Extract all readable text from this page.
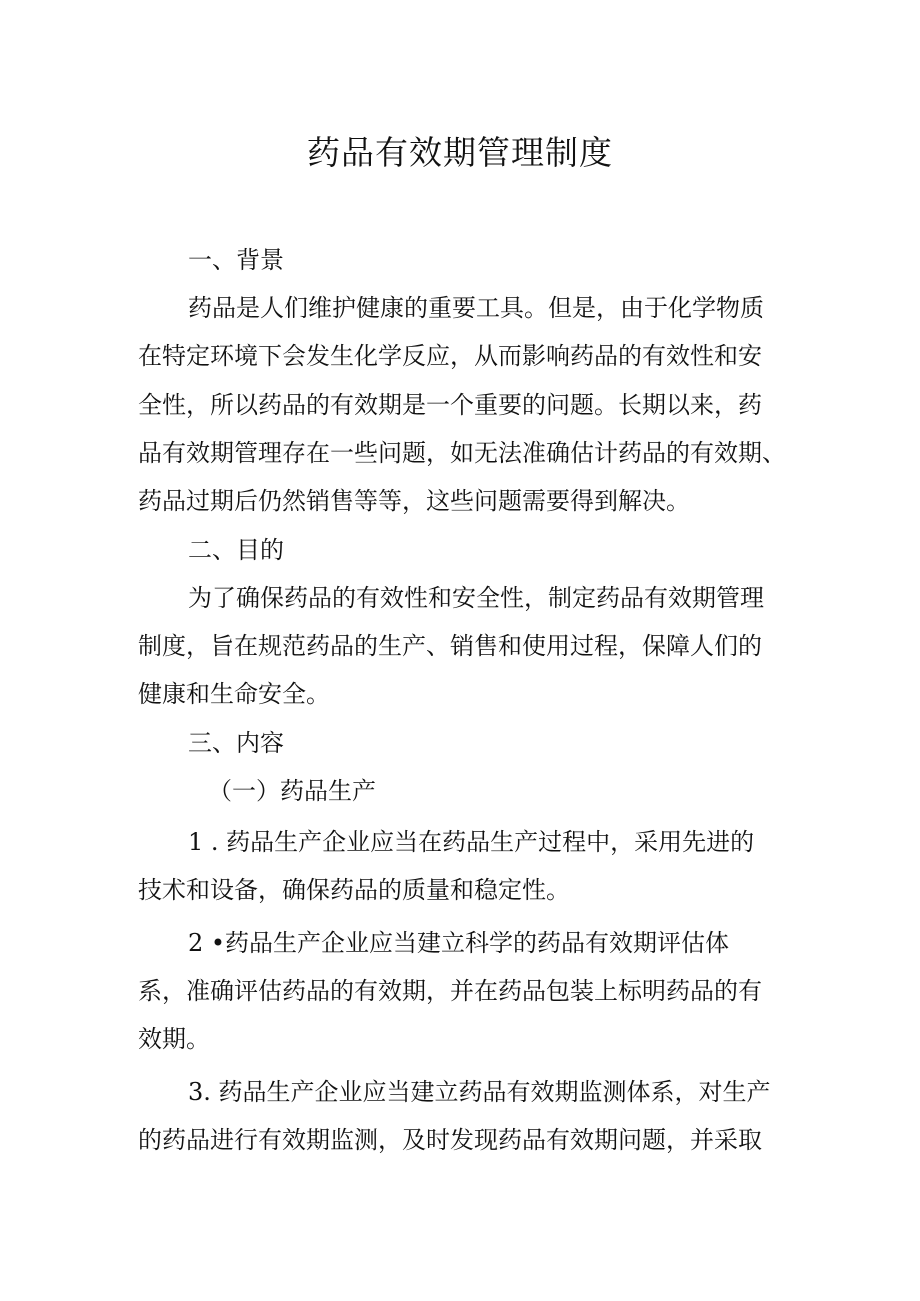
药品有效期管理制度

一、背景

药品是人们维护健康的重要工具。但是，由于化学物质

在特定环境下会发生化学反应，从而影响药品的有效性和安

全性，所以药品的有效期是一个重要的问题。长期以来，药

品有效期管理存在一些问题，如无法准确估计药品的有效期、

药品过期后仍然销售等等，这些问题需要得到解决。

二、目的

为了确保药品的有效性和安全性，制定药品有效期管理

制度，旨在规范药品的生产、销售和使用过程，保障人们的

健康和生命安全。

三、内容

（一）药品生产

1 . 药品生产企业应当在药品生产过程中，采用先进的

技术和设备，确保药品的质量和稳定性。

2 •药品生产企业应当建立科学的药品有效期评估体

系，准确评估药品的有效期，并在药品包装上标明药品的有

效期。

3. 药品生产企业应当建立药品有效期监测体系，对生产

的药品进行有效期监测，及时发现药品有效期问题，并采取
